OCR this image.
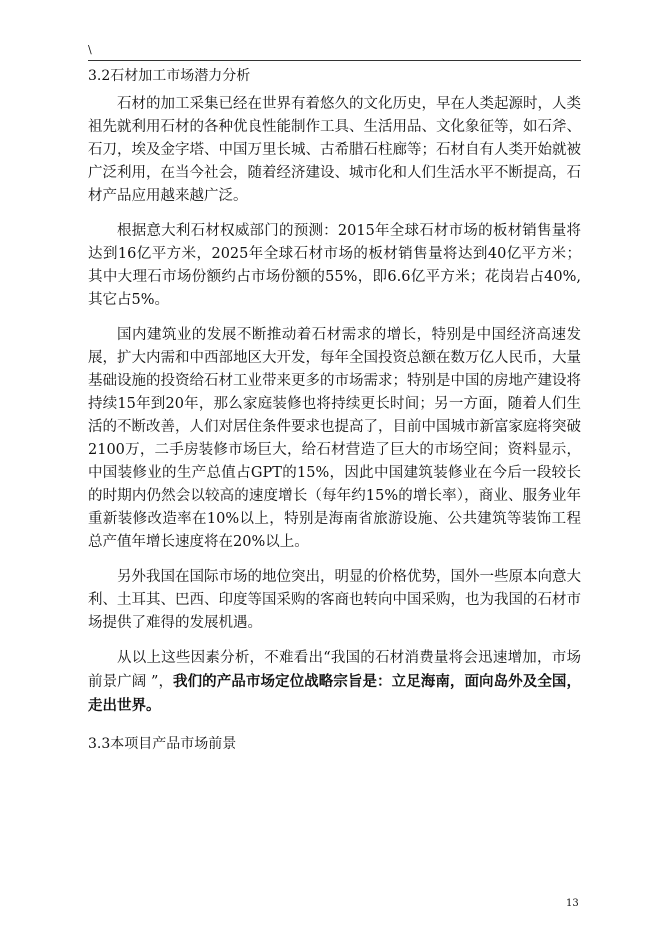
\

3.2石材加工市场潜力分析

石材的加工采集已经在世界有着悠久的文化历史，早在人类起源时，人类祖先就利用石材的各种优良性能制作工具、生活用品、文化象征等，如石斧、石刀，埃及金字塔、中国万里长城、古希腊石柱廊等；石材自有人类开始就被广泛利用，在当今社会，随着经济建设、城市化和人们生活水平不断提高，石材产品应用越来越广泛。

根据意大利石材权威部门的预测：2015年全球石材市场的板材销售量将达到16亿平方米，2025年全球石材市场的板材销售量将达到40亿平方米；其中大理石市场份额约占市场份额的55%，即6.6亿平方米；花岗岩占40%,其它占5%。

国内建筑业的发展不断推动着石材需求的增长，特别是中国经济高速发展，扩大内需和中西部地区大开发，每年全国投资总额在数万亿人民币，大量基础设施的投资给石材工业带来更多的市场需求；特别是中国的房地产建设将持续15年到20年，那么家庭装修也将持续更长时间；另一方面，随着人们生活的不断改善，人们对居住条件要求也提高了，目前中国城市新富家庭将突破2100万，二手房装修市场巨大，给石材营造了巨大的市场空间；资料显示，中国装修业的生产总值占GPT的15%，因此中国建筑装修业在今后一段较长的时期内仍然会以较高的速度增长（每年约15%的增长率），商业、服务业年重新装修改造率在10%以上，特别是海南省旅游设施、公共建筑等装饰工程总产值年增长速度将在20%以上。

另外我国在国际市场的地位突出，明显的价格优势，国外一些原本向意大利、土耳其、巴西、印度等国采购的客商也转向中国采购，也为我国的石材市场提供了难得的发展机遇。

从以上这些因素分析，不难看出“我国的石材消费量将会迅速增加，市场前景广阔 ”，我们的产品市场定位战略宗旨是：立足海南，面向岛外及全国，走出世界。

3.3本项目产品市场前景

13
